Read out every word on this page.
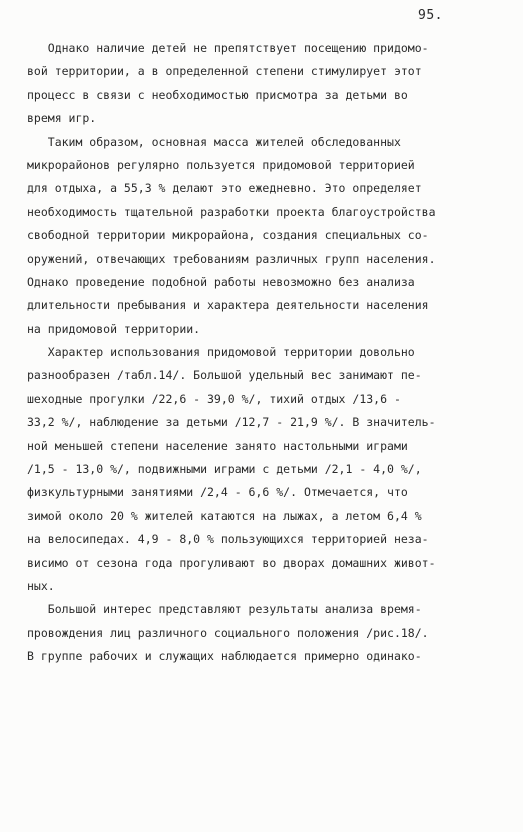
95.
Однако наличие детей не препятствует посещению придомо-
вой территории, а в определенной степени стимулирует этот
процесс в связи с необходимостью присмотра за детьми во
время игр.
Таким образом, основная масса жителей обследованных
микрорайонов регулярно пользуется придомовой территорией
для отдыха, а 55,3 % делают это ежедневно. Это определяет
необходимость тщательной разработки проекта благоустройства
свободной территории микрорайона, создания специальных со-
оружений, отвечающих требованиям различных групп населения.
Однако проведение подобной работы невозможно без анализа
длительности пребывания и характера деятельности населения
на придомовой территории.
Характер использования придомовой территории довольно
разнообразен /табл.14/. Большой удельный вес занимают пе-
шеходные прогулки /22,6 - 39,0 %/, тихий отдых /13,6 -
33,2 %/, наблюдение за детьми /12,7 - 21,9 %/. В значитель-
ной меньшей степени население занято настольными играми
/1,5 - 13,0 %/, подвижными играми с детьми /2,1 - 4,0 %/,
физкультурными занятиями /2,4 - 6,6 %/. Отмечается, что
зимой около 20 % жителей катаются на лыжах, а летом 6,4 %
на велосипедах. 4,9 - 8,0 % пользующихся территорией неза-
висимо от сезона года прогуливают во дворах домашних живот-
ных.
Большой интерес представляют результаты анализа время-
провождения лиц различного социального положения /рис.18/.
В группе рабочих и служащих наблюдается примерно одинако-
